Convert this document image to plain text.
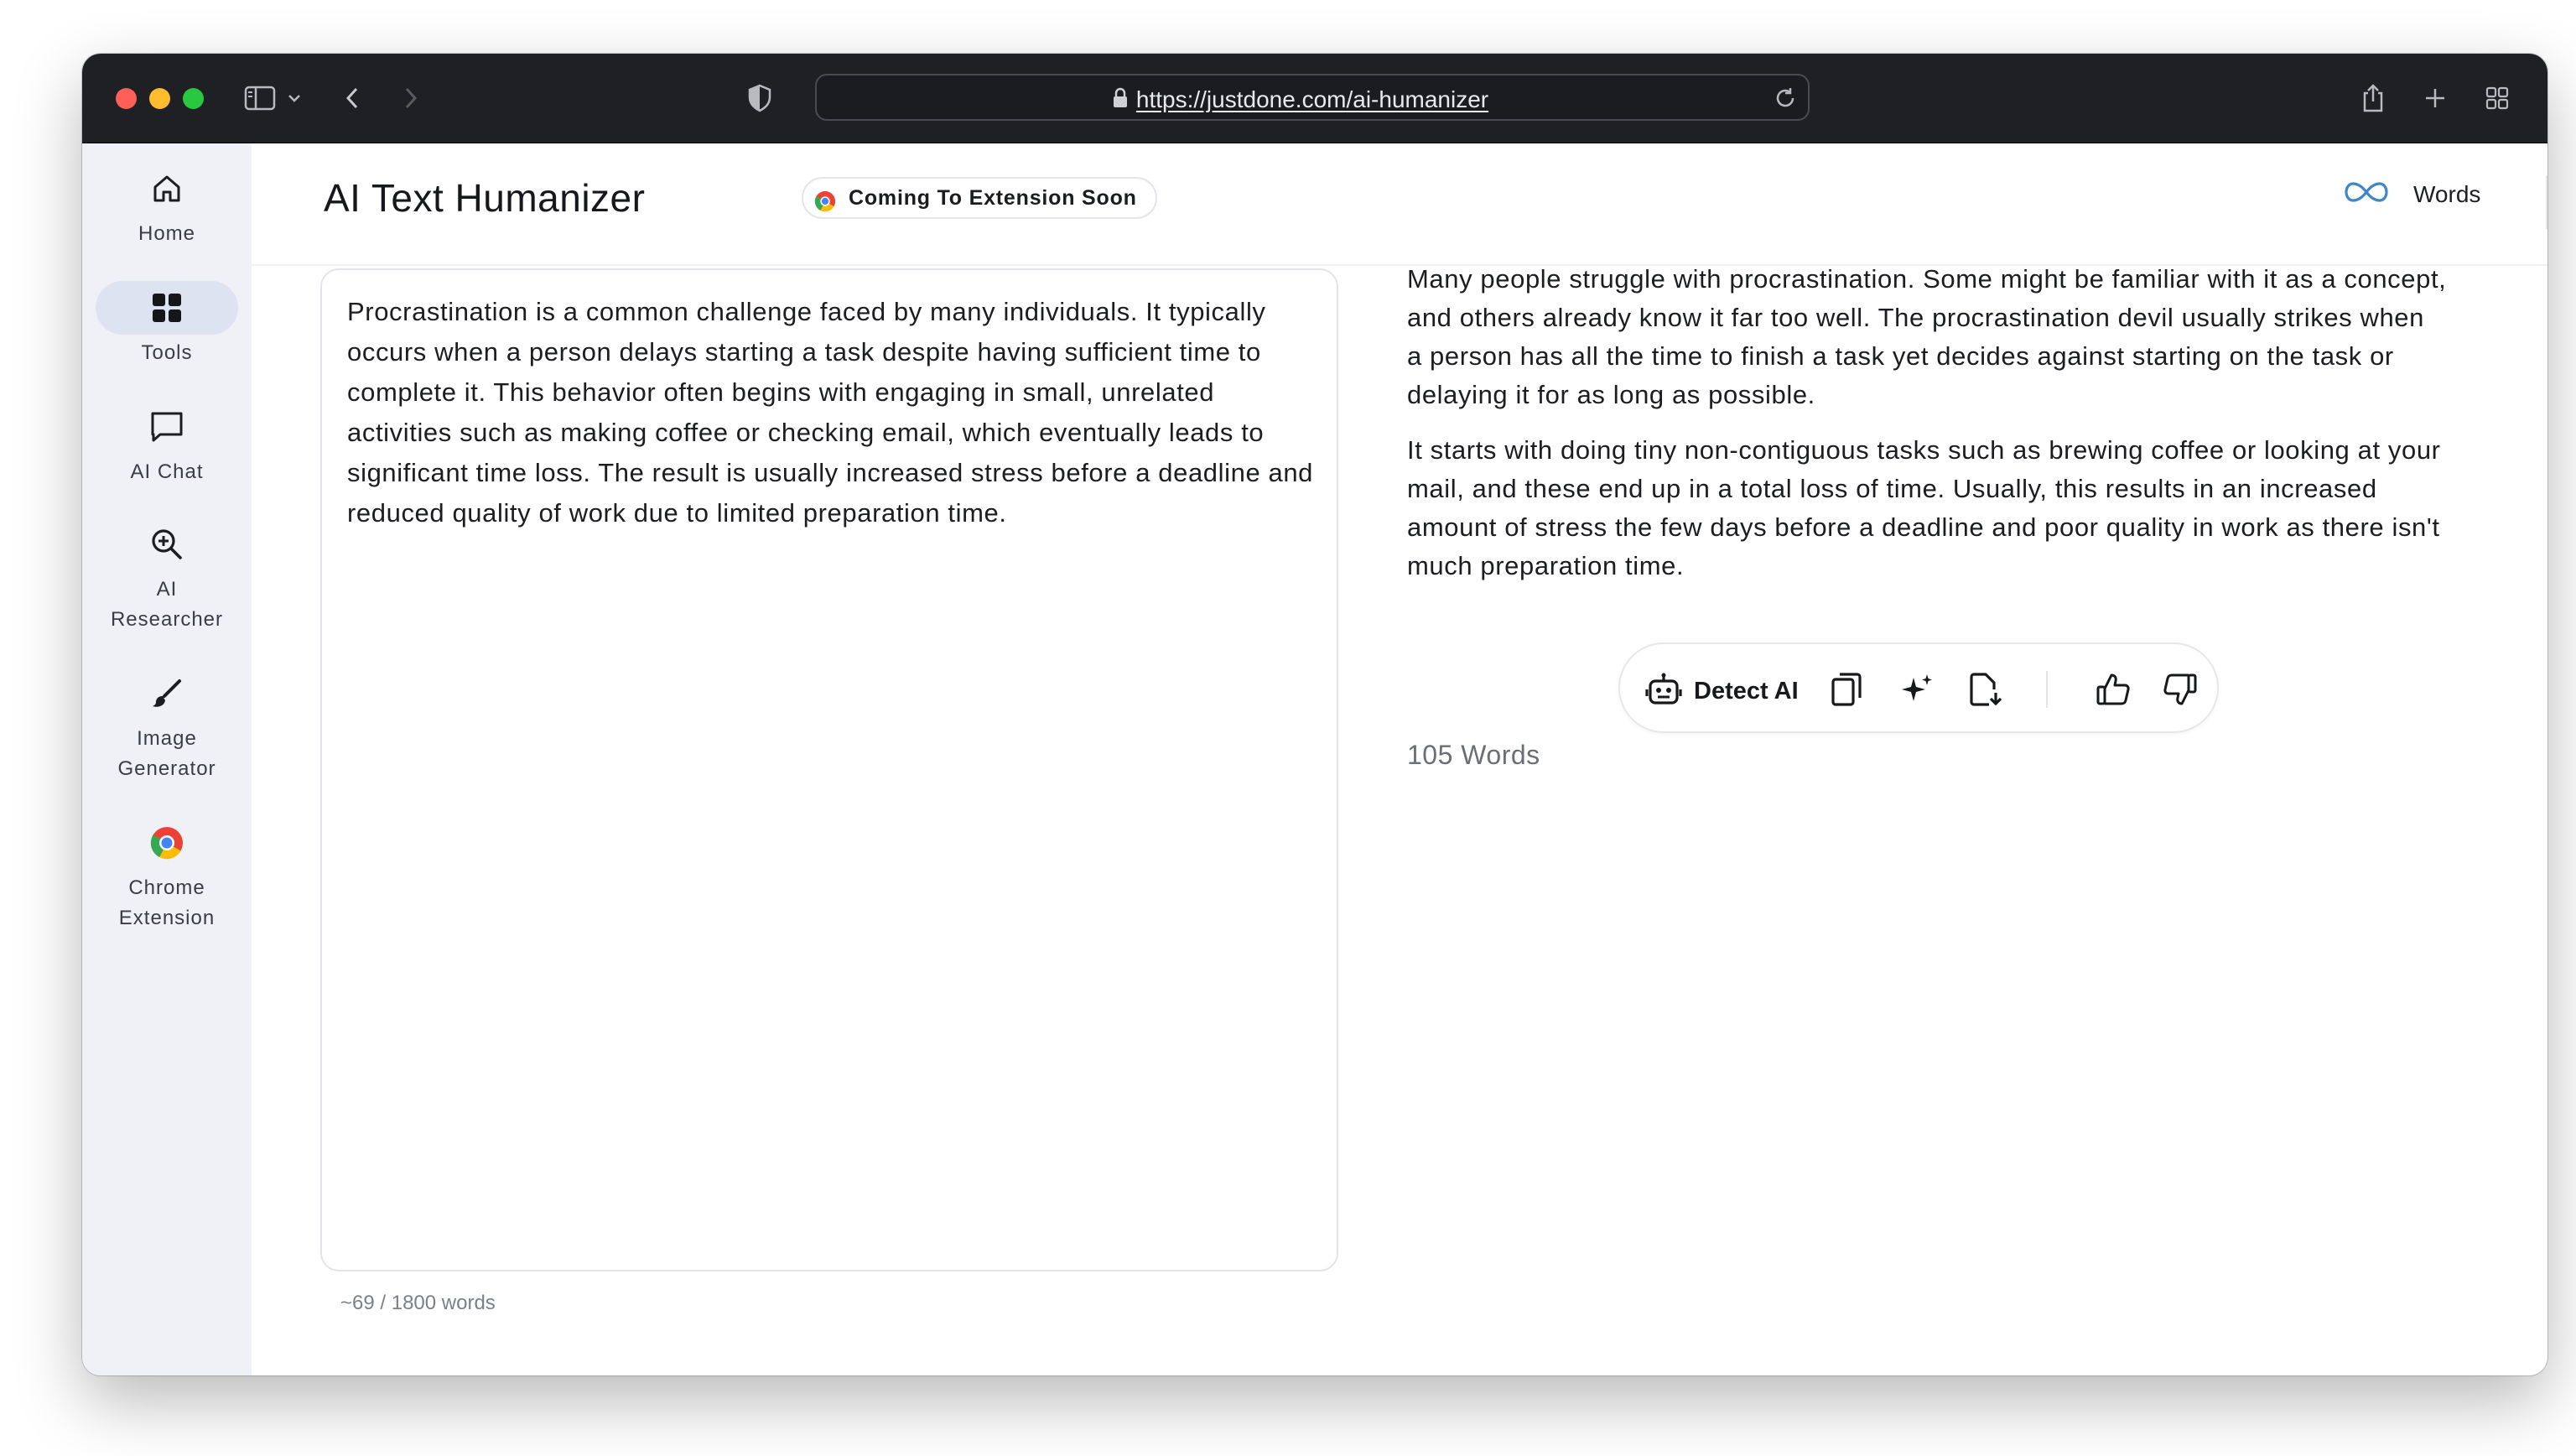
https://justdone.com/ai-humanizer
Home
Tools
AI Chat
AI Researcher
Image Generator
Chrome Extension
AI Text Humanizer	Coming To Extension Soon	Words
Procrastination is a common challenge faced by many individuals. It typically occurs when a person delays starting a task despite having sufficient time to complete it. This behavior often begins with engaging in small, unrelated activities such as making coffee or checking email, which eventually leads to significant time loss. The result is usually increased stress before a deadline and reduced quality of work due to limited preparation time.
~69 / 1800 words

Many people struggle with procrastination. Some might be familiar with it as a concept, and others already know it far too well. The procrastination devil usually strikes when a person has all the time to finish a task yet decides against starting on the task or delaying it for as long as possible.

It starts with doing tiny non-contiguous tasks such as brewing coffee or looking at your mail, and these end up in a total loss of time. Usually, this results in an increased amount of stress the few days before a deadline and poor quality in work as there isn't much preparation time.

Detect AI
105 Words
